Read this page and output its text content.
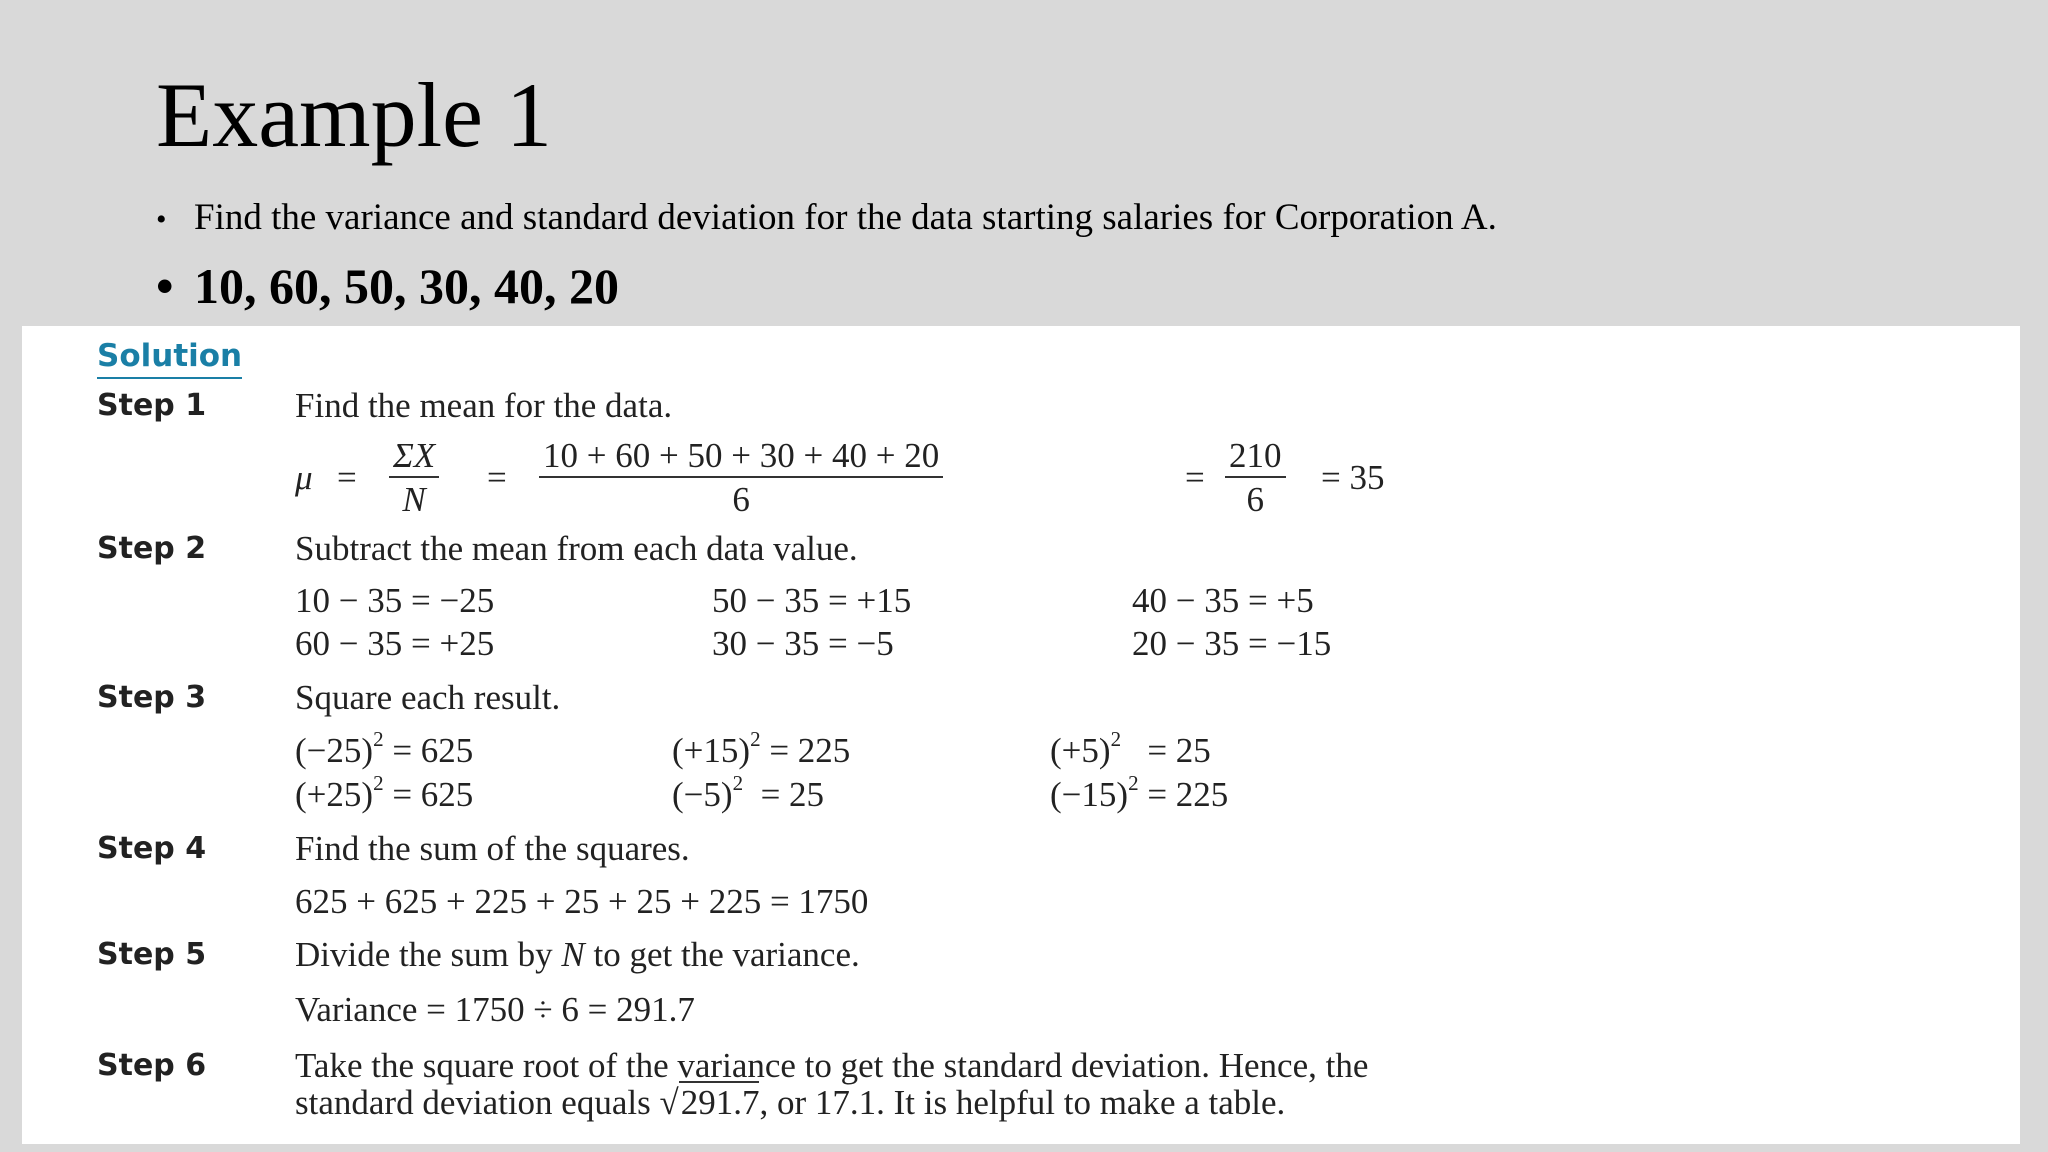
Example 1
• Find the variance and standard deviation for the data starting salaries for Corporation A.
• 10, 60, 50, 30, 40, 20
Solution
Step 1	Find the mean for the data.
$\mu = \frac{\Sigma X}{N} = \frac{10 + 60 + 50 + 30 + 40 + 20}{6}$	= $\frac{210}{6} = 35$
Step 2	Subtract the mean from each data value.
10 − 35 = −25	50 − 35 = +15	40 − 35 = +5
60 − 35 = +25	30 − 35 = −5	20 − 35 = −15
Step 3	Square each result.
$(-25)^2 = 625$	$(+15)^2 = 225$	$(+5)^2 = 25$
$(+25)^2 = 625$	$(-5)^2 = 25$	$(-15)^2 = 225$
Step 4	Find the sum of the squares.
625 + 625 + 225 + 25 + 25 + 225 = 1750
Step 5	Divide the sum by N to get the variance.
Variance = 1750 ÷ 6 = 291.7
Step 6	Take the square root of the variance to get the standard deviation. Hence, the
standard deviation equals √291.7, or 17.1. It is helpful to make a table.
